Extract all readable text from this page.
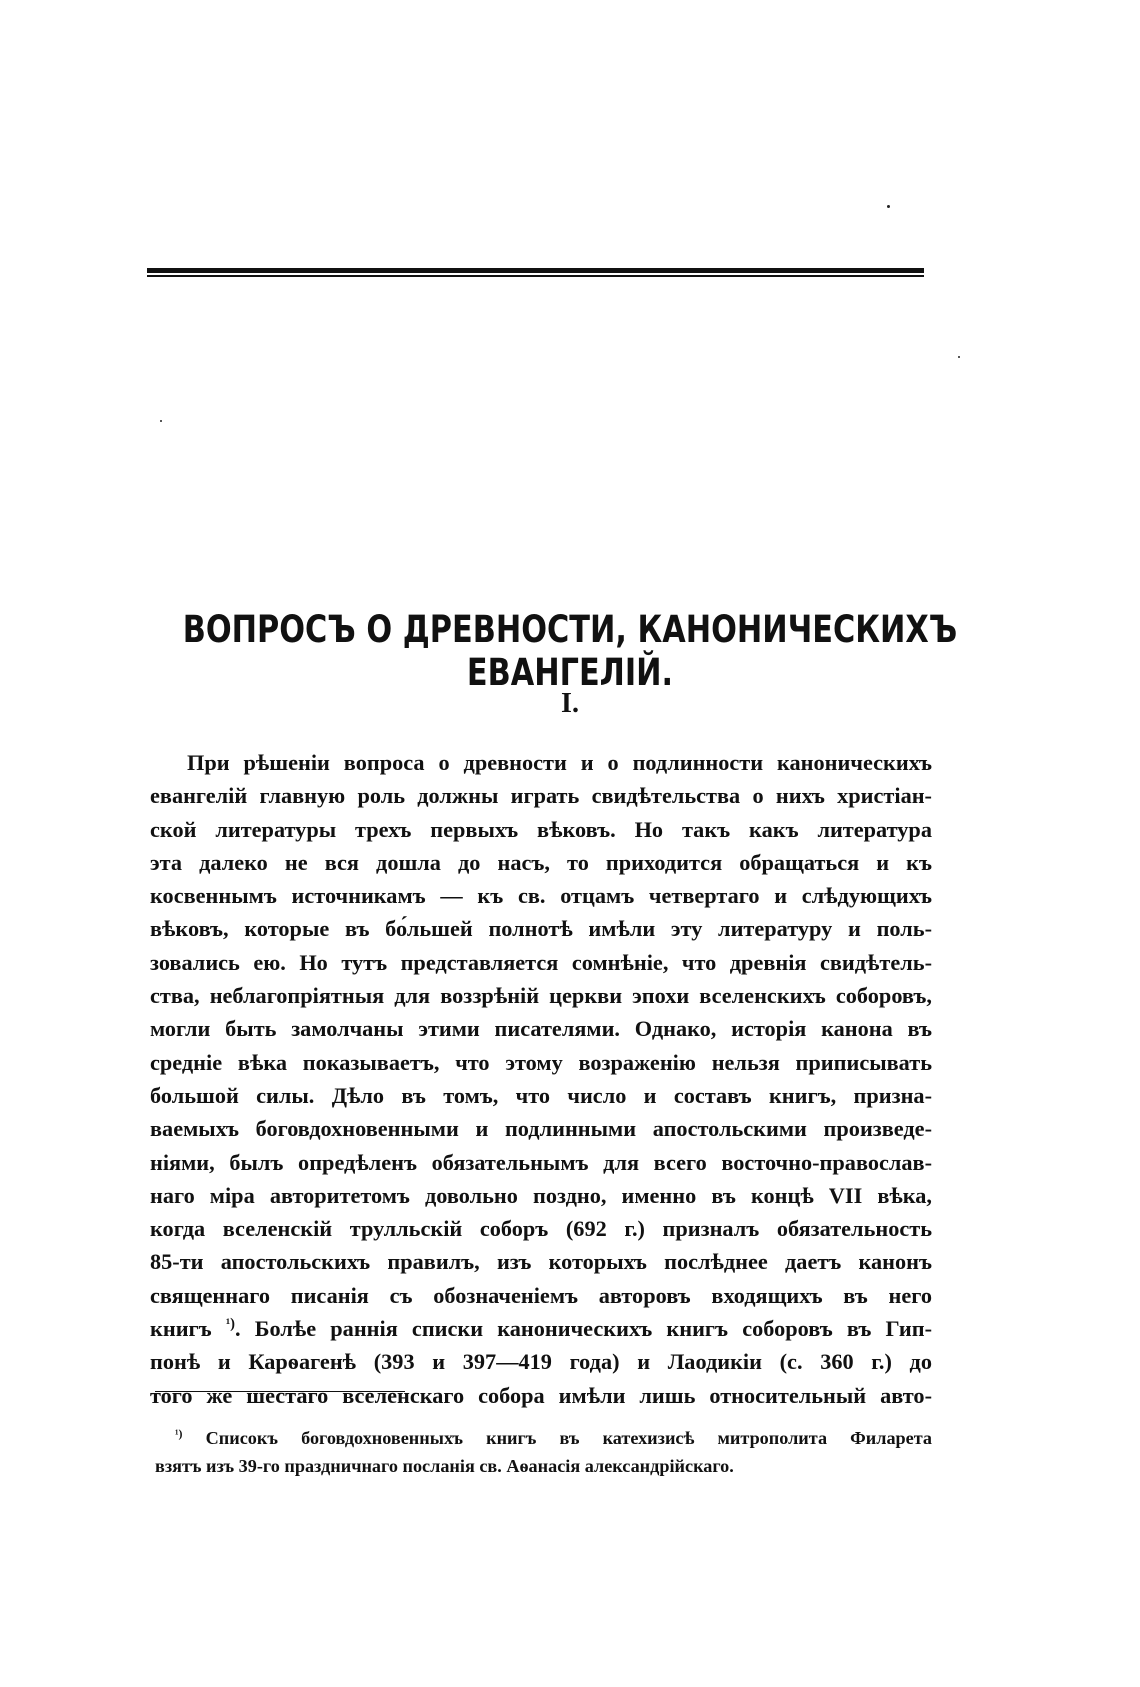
ВОПРОСЪ О ДРЕВНОСТИ, КАНОНИЧЕСКИХЪ ЕВАНГЕЛІЙ.
I.
При рѣшеніи вопроса о древности и о подлинности каноническихъ
евангелій главную роль должны играть свидѣтельства о нихъ христіан-
ской литературы трехъ первыхъ вѣковъ. Но такъ какъ литература
эта далеко не вся дошла до насъ, то приходится обращаться и къ
косвеннымъ источникамъ — къ св. отцамъ четвертаго и слѣдующихъ
вѣковъ, которые въ бо́льшей полнотѣ имѣли эту литературу и поль-
зовались ею. Но тутъ представляется сомнѣніе, что древнія свидѣтель-
ства, неблагопріятныя для воззрѣній церкви эпохи вселенскихъ соборовъ,
могли быть замолчаны этими писателями. Однако, исторія канона въ
средніе вѣка показываетъ, что этому возраженію нельзя приписывать
большой силы. Дѣло въ томъ, что число и составъ книгъ, призна-
ваемыхъ боговдохновенными и подлинными апостольскими произведе-
ніями, былъ опредѣленъ обязательнымъ для всего восточно-православ-
наго міра авторитетомъ довольно поздно, именно въ концѣ VII вѣка,
когда вселенскій трулльскій соборъ (692 г.) призналъ обязательность
85-ти апостольскихъ правилъ, изъ которыхъ послѣднее даетъ канонъ
священнаго писанія съ обозначеніемъ авторовъ входящихъ въ него
книгъ $^{^1)}$. Болѣе раннія списки каноническихъ книгъ соборовъ въ Гип-
понѣ и Карѳагенѣ (393 и 397—419 года) и Лаодикіи (с. 360 г.) до
того же шестаго вселенскаго собора имѣли лишь относительный авто-
$^{^1)}$ Списокъ боговдохновенныхъ книгъ въ катехизисѣ митрополита Филарета
взятъ изъ 39-го праздничнаго посланія св. Аѳанасія александрійскаго.
